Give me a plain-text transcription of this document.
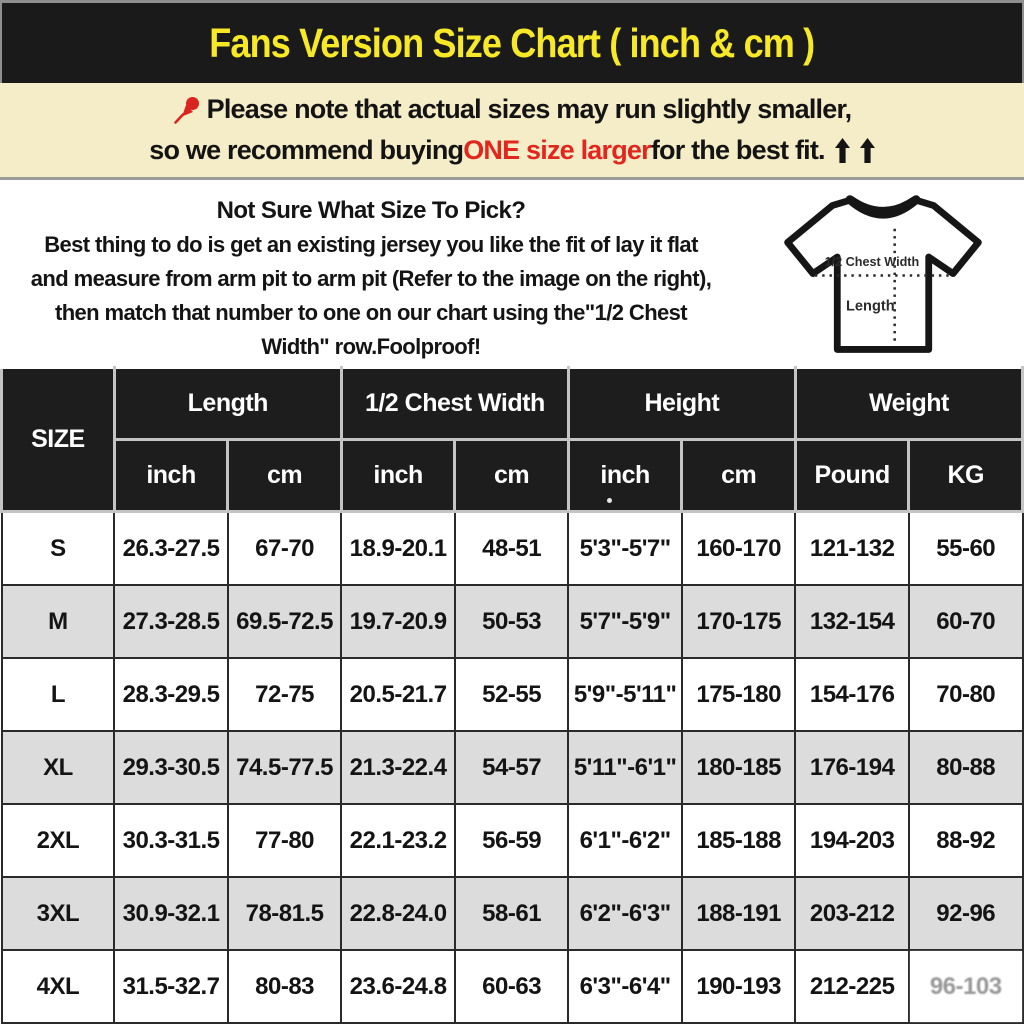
Fans Version Size Chart ( inch & cm )
Please note that actual sizes may run slightly smaller,
so we recommend buying ONE size larger for the best fit.
Not Sure What Size To Pick?
Best thing to do is get an existing jersey you like the fit of lay it flat
and measure from arm pit to arm pit (Refer to the image on the right),
then match that number to one on our chart using the"1/2 Chest
Width" row.Foolproof!
1/2 Chest Width
Length
SIZE	Length		1/2 Chest Width		Height		Weight	
	inch	cm	inch	cm	inch	cm	Pound	KG
S	26.3-27.5	67-70	18.9-20.1	48-51	5'3"-5'7"	160-170	121-132	55-60
M	27.3-28.5	69.5-72.5	19.7-20.9	50-53	5'7"-5'9"	170-175	132-154	60-70
L	28.3-29.5	72-75	20.5-21.7	52-55	5'9"-5'11"	175-180	154-176	70-80
XL	29.3-30.5	74.5-77.5	21.3-22.4	54-57	5'11"-6'1"	180-185	176-194	80-88
2XL	30.3-31.5	77-80	22.1-23.2	56-59	6'1"-6'2"	185-188	194-203	88-92
3XL	30.9-32.1	78-81.5	22.8-24.0	58-61	6'2"-6'3"	188-191	203-212	92-96
4XL	31.5-32.7	80-83	23.6-24.8	60-63	6'3"-6'4"	190-193	212-225	96-103
